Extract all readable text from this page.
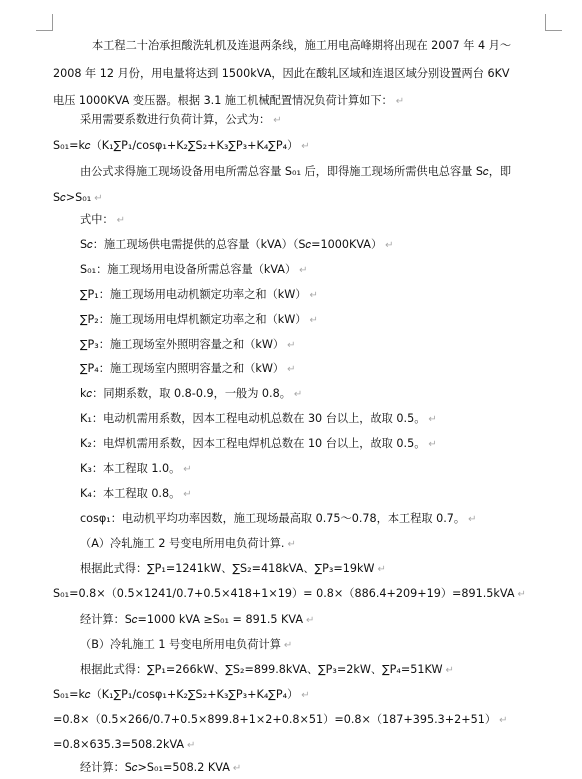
本工程二十冶承担酸洗轧机及连退两条线，施工用电高峰期将出现在 2007 年 4 月～
2008 年 12 月份，用电量将达到 1500kVA，因此在酸轧区域和连退区域分别设置两台 6KV
电压 1000KVA 变压器。根据 3.1 施工机械配置情况负荷计算如下： ↵
采用需要系数进行负荷计算，公式为： ↵
S₀₁=k𝑐（K₁∑P₁/cosφ₁+K₂∑S₂+K₃∑P₃+K₄∑P₄） ↵
由公式求得施工现场设备用电所需总容量 S₀₁ 后，即得施工现场所需供电总容量 S𝑐，即
S𝑐>S₀₁ ↵
式中： ↵
S𝑐：施工现场供电需提供的总容量（kVA）（S𝑐=1000KVA） ↵
S₀₁：施工现场用电设备所需总容量（kVA） ↵
∑P₁：施工现场用电动机额定功率之和（kW） ↵
∑P₂：施工现场用电焊机额定功率之和（kW） ↵
∑P₃：施工现场室外照明容量之和（kW） ↵
∑P₄：施工现场室内照明容量之和（kW） ↵
k𝑐：同期系数，取 0.8-0.9，一般为 0.8。 ↵
K₁：电动机需用系数，因本工程电动机总数在 30 台以上，故取 0.5。 ↵
K₂：电焊机需用系数，因本工程电焊机总数在 10 台以上，故取 0.5。 ↵
K₃：本工程取 1.0。 ↵
K₄：本工程取 0.8。 ↵
cosφ₁：电动机平均功率因数，施工现场最高取 0.75～0.78，本工程取 0.7。 ↵
（A）冷轧施工 2 号变电所用电负荷计算. ↵
根据此式得：∑P₁=1241kW、∑S₂=418kVA、∑P₃=19kW ↵
S₀₁=0.8×（0.5×1241/0.7+0.5×418+1×19）= 0.8×（886.4+209+19）=891.5kVA ↵
经计算：S𝑐=1000 kVA ≥S₀₁ = 891.5 KVA ↵
（B）冷轧施工 1 号变电所用电负荷计算 ↵
根据此式得：∑P₁=266kW、∑S₂=899.8kVA、∑P₃=2kW、∑P₄=51KW ↵
S₀₁=k𝑐（K₁∑P₁/cosφ₁+K₂∑S₂+K₃∑P₃+K₄∑P₄） ↵
=0.8×（0.5×266/0.7+0.5×899.8+1×2+0.8×51）=0.8×（187+395.3+2+51） ↵
=0.8×635.3=508.2kVA ↵
经计算：S𝑐>S₀₁=508.2 KVA ↵
